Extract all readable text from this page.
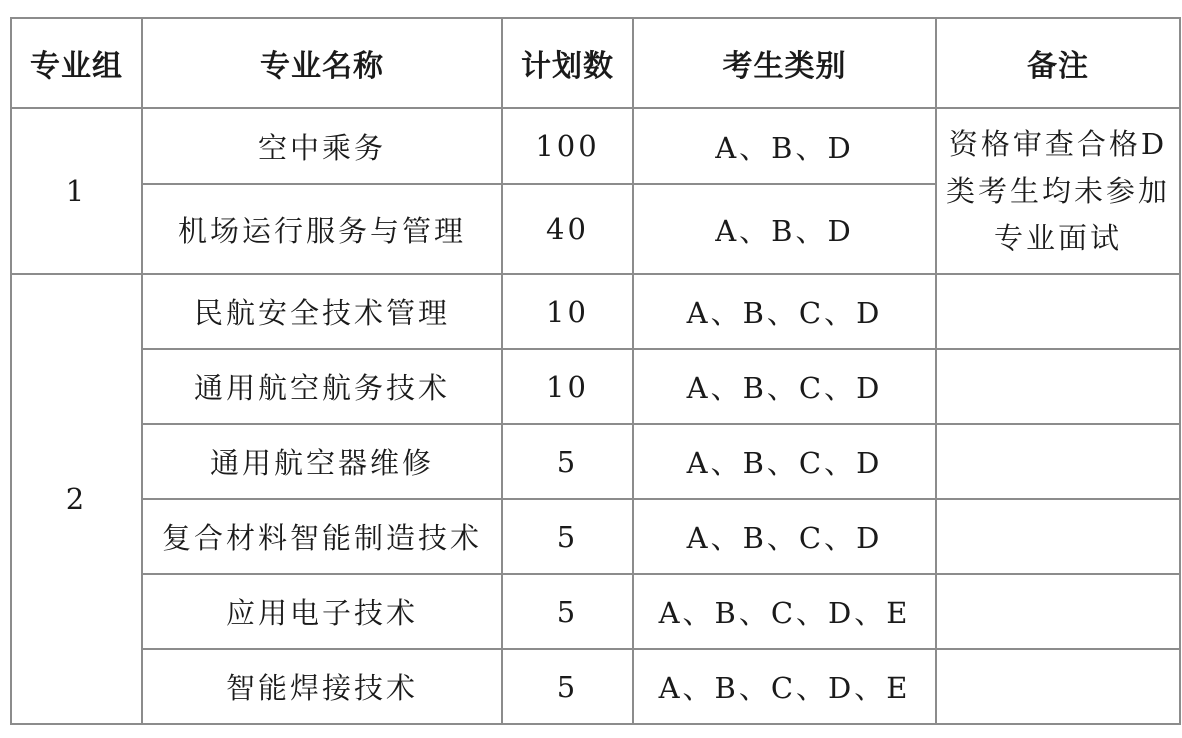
专业组	专业名称	计划数	考生类别	备注
1	空中乘务	100	A、B、D	资格审查合格D类考生均未参加专业面试
	机场运行服务与管理	40	A、B、D	
2	民航安全技术管理	10	A、B、C、D	
	通用航空航务技术	10	A、B、C、D	
	通用航空器维修	5	A、B、C、D	
	复合材料智能制造技术	5	A、B、C、D	
	应用电子技术	5	A、B、C、D、E	
	智能焊接技术	5	A、B、C、D、E	
